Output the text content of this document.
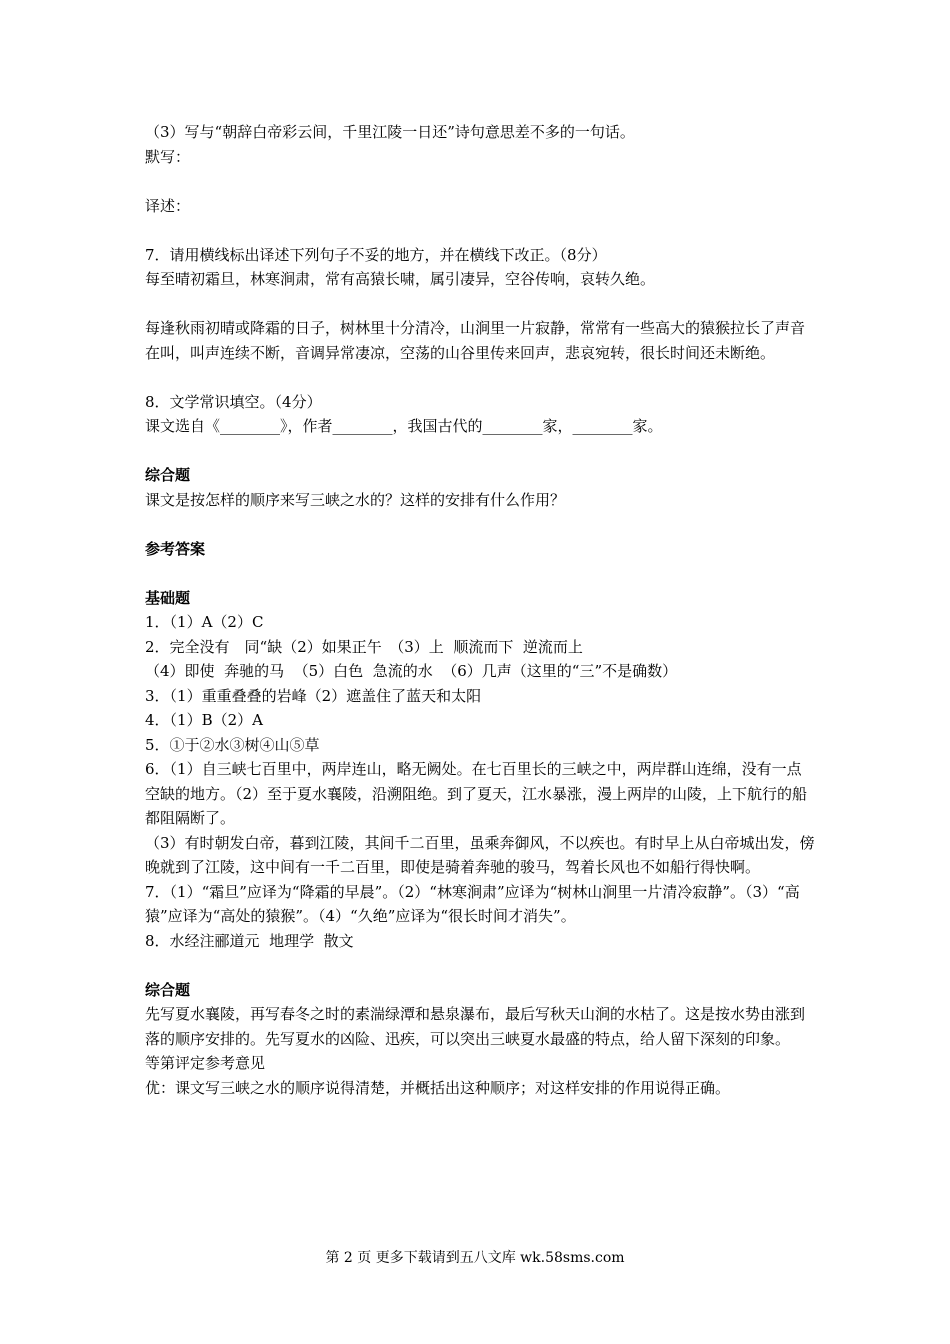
（3）写与“朝辞白帝彩云间，千里江陵一日还”诗句意思差不多的一句话。

默写：

译述：

7．请用横线标出译述下列句子不妥的地方，并在横线下改正。（8分）

每至晴初霜旦，林寒涧肃，常有高猿长啸，属引凄异，空谷传响，哀转久绝。

每逢秋雨初晴或降霜的日子，树林里十分清冷，山涧里一片寂静，常常有一些高大的猿猴拉长了声音在叫，叫声连续不断，音调异常凄凉，空荡的山谷里传来回声，悲哀宛转，很长时间还未断绝。

8．文学常识填空。（4分）

课文选自《________》，作者________，我国古代的________家，________家。

综合题

课文是按怎样的顺序来写三峡之水的？这样的安排有什么作用？

参考答案

基础题

1．（1）A（2）C

2．完全没有　同“缺（2）如果正午　（3）上  顺流而下  逆流而上

（4）即使  奔驰的马  （5）白色  急流的水  （6）几声（这里的“三”不是确数）

3．（1）重重叠叠的岩峰（2）遮盖住了蓝天和太阳

4．（1）B（2）A

5．①于②水③树④山⑤草

6．（1）自三峡七百里中，两岸连山，略无阙处。在七百里长的三峡之中，两岸群山连绵，没有一点空缺的地方。（2）至于夏水襄陵，沿溯阻绝。到了夏天，江水暴涨，漫上两岸的山陵，上下航行的船都阻隔断了。

（3）有时朝发白帝，暮到江陵，其间千二百里，虽乘奔御风，不以疾也。有时早上从白帝城出发，傍晚就到了江陵，这中间有一千二百里，即使是骑着奔驰的骏马，驾着长风也不如船行得快啊。

7．（1）“霜旦”应译为“降霜的早晨”。（2）“林寒涧肃”应译为“树林山涧里一片清冷寂静”。（3）“高猿”应译为“高处的猿猴”。（4）“久绝”应译为“很长时间才消失”。

8．水经注郦道元  地理学  散文

综合题

先写夏水襄陵，再写春冬之时的素湍绿潭和悬泉瀑布，最后写秋天山涧的水枯了。这是按水势由涨到落的顺序安排的。先写夏水的凶险、迅疾，可以突出三峡夏水最盛的特点，给人留下深刻的印象。

等第评定参考意见

优：课文写三峡之水的顺序说得清楚，并概括出这种顺序；对这样安排的作用说得正确。

第 2 页 更多下载请到五八文库 wk.58sms.com
